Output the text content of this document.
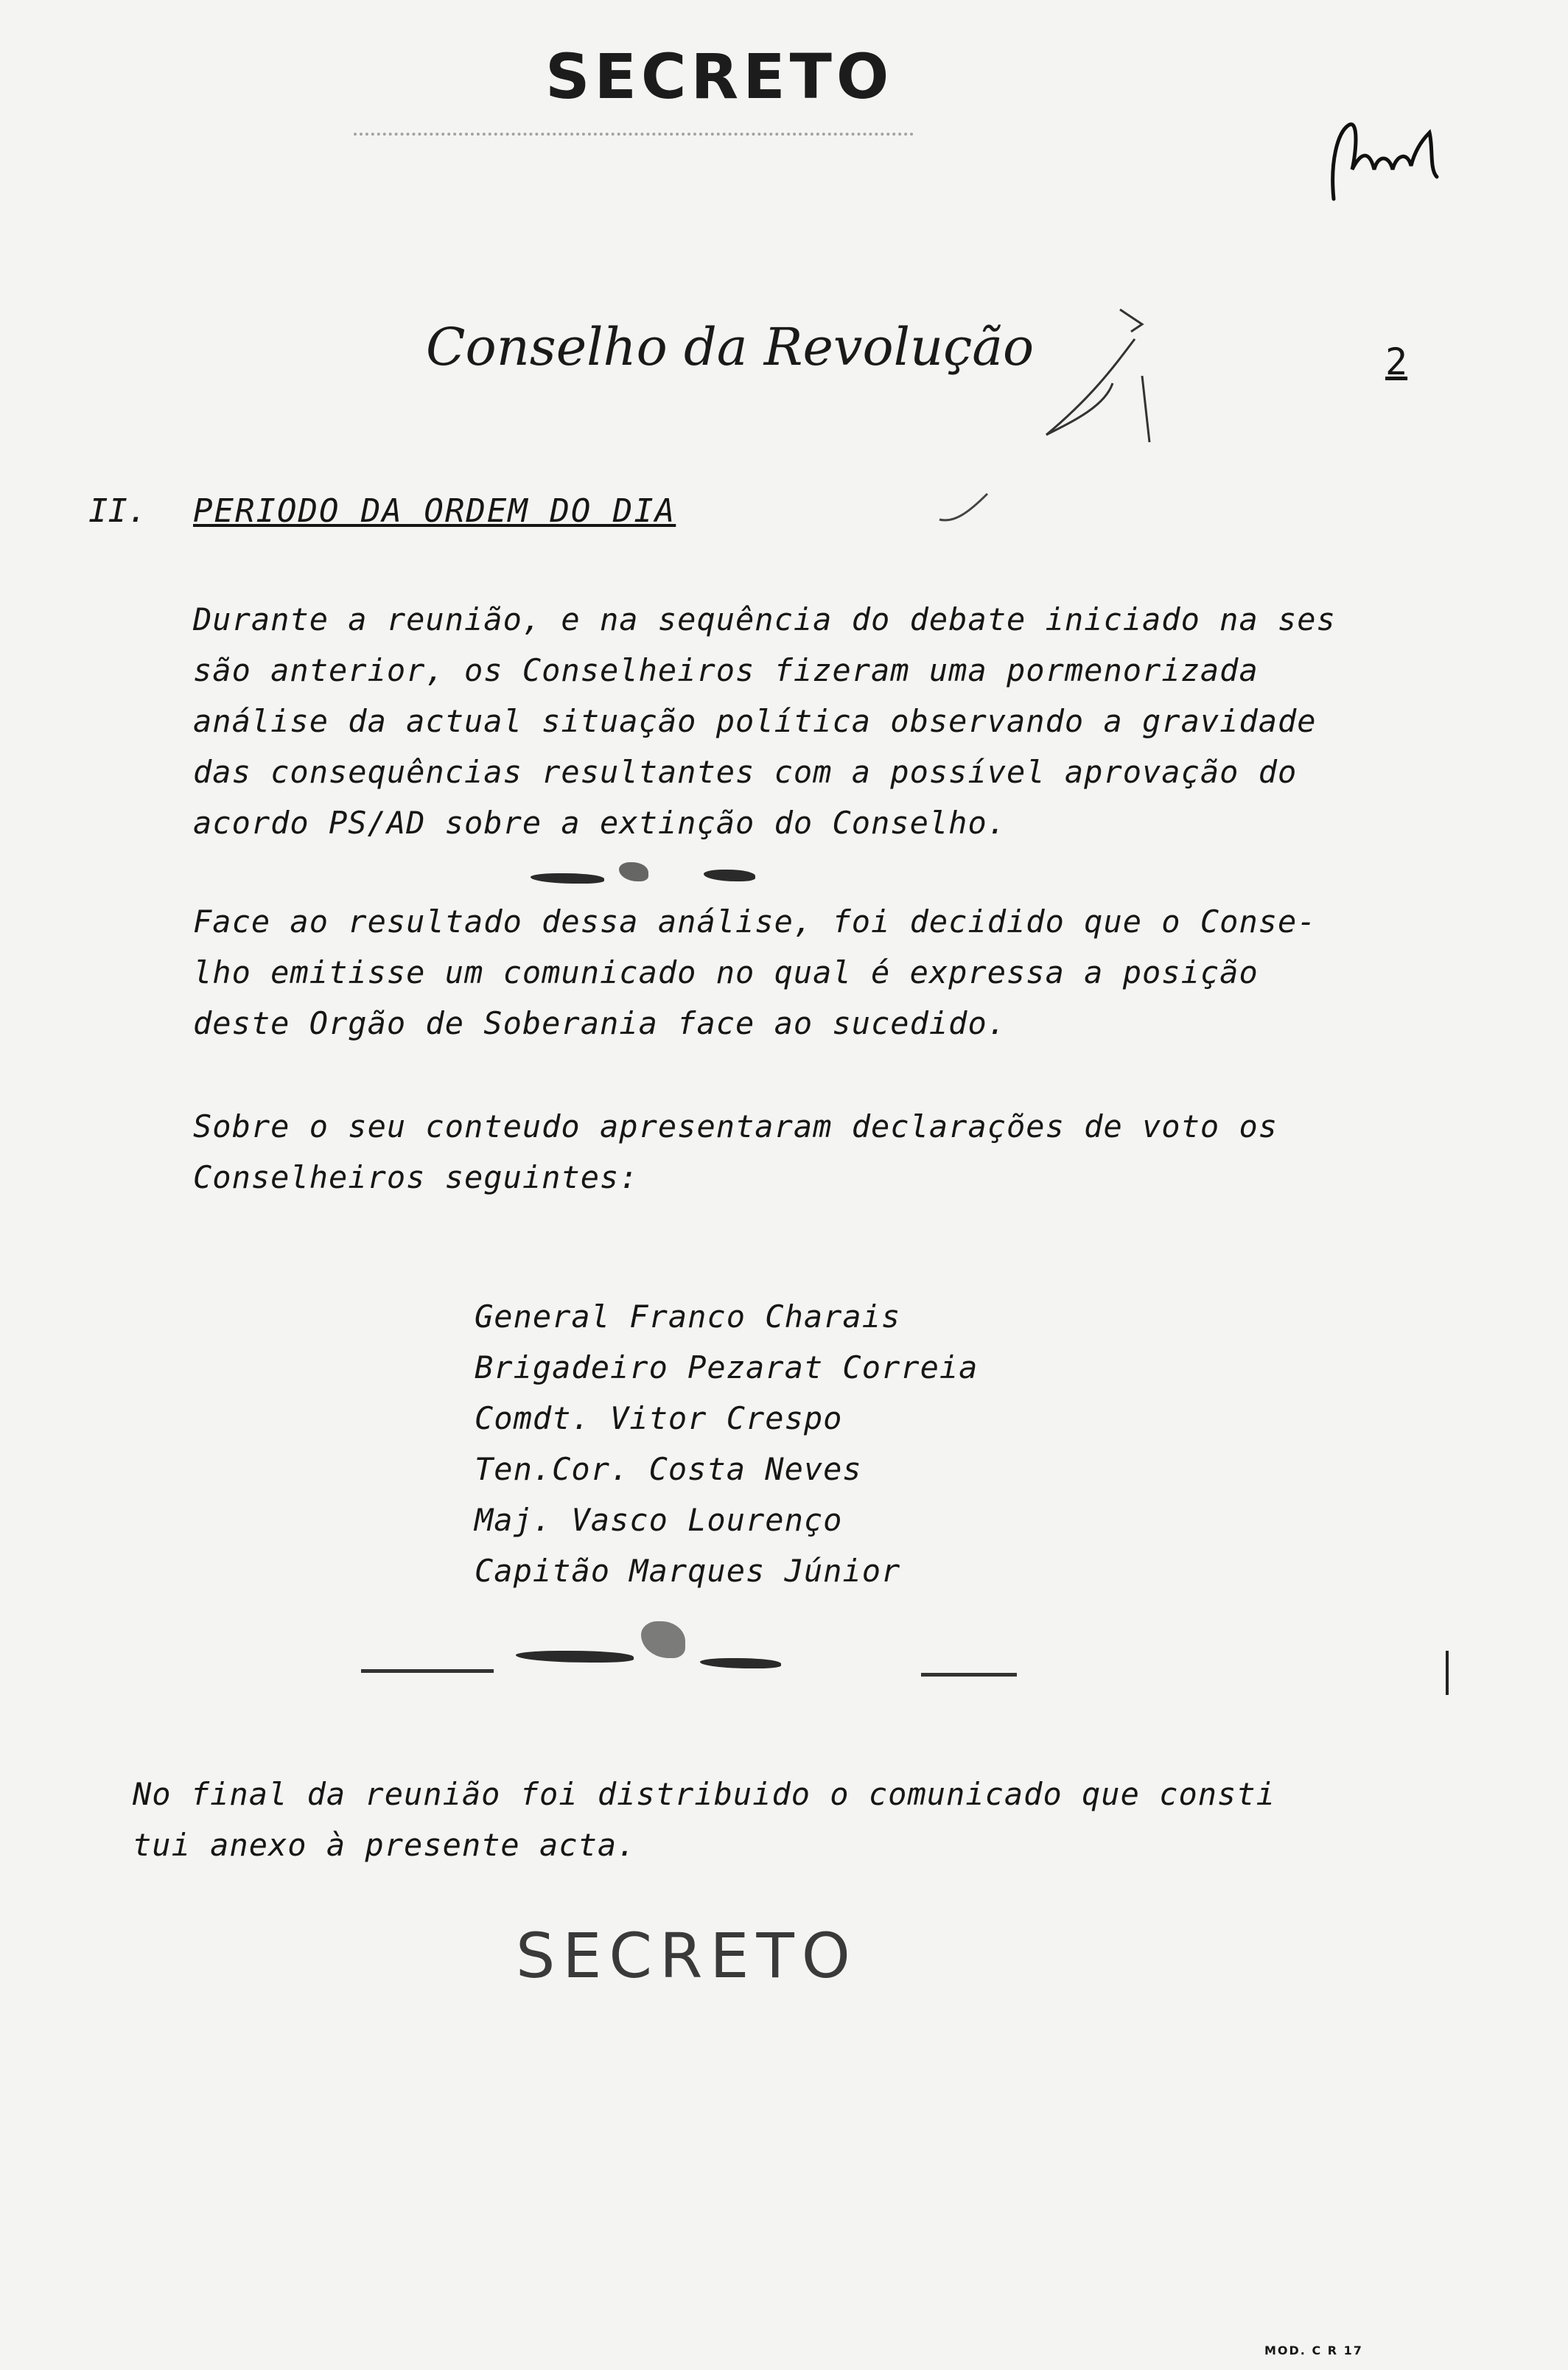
SECRETO
Conselho da Revolução	2
II. PERIODO DA ORDEM DO DIA
Durante a reunião, e na sequência do debate iniciado na ses
são anterior, os Conselheiros fizeram uma pormenorizada
análise da actual situação política observando a gravidade
das consequências resultantes com a possível aprovação do
acordo PS/AD sobre a extinção do Conselho.
Face ao resultado dessa análise, foi decidido que o Conse-
lho emitisse um comunicado no qual é expressa a posição
deste Orgão de Soberania face ao sucedido.
Sobre o seu conteudo apresentaram declarações de voto os
Conselheiros seguintes:
General Franco Charais
Brigadeiro Pezarat Correia
Comdt. Vitor Crespo
Ten.Cor. Costa Neves
Maj. Vasco Lourenço
Capitão Marques Júnior
No final da reunião foi distribuido o comunicado que consti
tui anexo à presente acta.
SECRETO
MOD. C R 17
